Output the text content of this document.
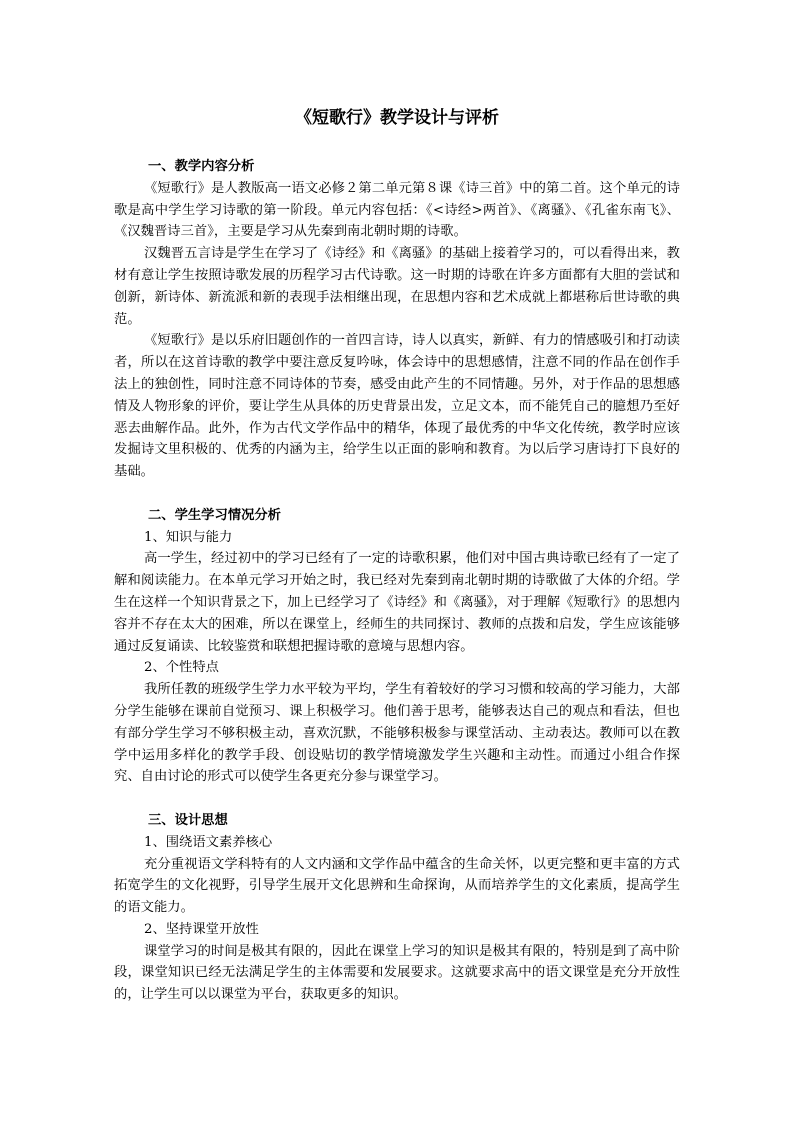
《短歌行》教学设计与评析
一、教学内容分析

《短歌行》是人教版高一语文必修２第二单元第８课《诗三首》中的第二首。这个单元的诗歌是高中学生学习诗歌的第一阶段。单元内容包括：《<诗经>两首》、《离骚》、《孔雀东南飞》、《汉魏晋诗三首》，主要是学习从先秦到南北朝时期的诗歌。

汉魏晋五言诗是学生在学习了《诗经》和《离骚》的基础上接着学习的，可以看得出来，教材有意让学生按照诗歌发展的历程学习古代诗歌。这一时期的诗歌在许多方面都有大胆的尝试和创新，新诗体、新流派和新的表现手法相继出现，在思想内容和艺术成就上都堪称后世诗歌的典范。

《短歌行》是以乐府旧题创作的一首四言诗，诗人以真实，新鲜、有力的情感吸引和打动读者，所以在这首诗歌的教学中要注意反复吟咏，体会诗中的思想感情，注意不同的作品在创作手法上的独创性，同时注意不同诗体的节奏，感受由此产生的不同情趣。另外，对于作品的思想感情及人物形象的评价，要让学生从具体的历史背景出发，立足文本，而不能凭自己的臆想乃至好恶去曲解作品。此外，作为古代文学作品中的精华，体现了最优秀的中华文化传统，教学时应该发掘诗文里积极的、优秀的内涵为主，给学生以正面的影响和教育。为以后学习唐诗打下良好的基础。

二、学生学习情况分析
1、知识与能力

高一学生，经过初中的学习已经有了一定的诗歌积累，他们对中国古典诗歌已经有了一定了解和阅读能力。在本单元学习开始之时，我已经对先秦到南北朝时期的诗歌做了大体的介绍。学生在这样一个知识背景之下，加上已经学习了《诗经》和《离骚》，对于理解《短歌行》的思想内容并不存在太大的困难，所以在课堂上，经师生的共同探讨、教师的点拨和启发，学生应该能够通过反复诵读、比较鉴赏和联想把握诗歌的意境与思想内容。

2、个性特点

我所任教的班级学生学力水平较为平均，学生有着较好的学习习惯和较高的学习能力，大部分学生能够在课前自觉预习、课上积极学习。他们善于思考，能够表达自己的观点和看法，但也有部分学生学习不够积极主动，喜欢沉默，不能够积极参与课堂活动、主动表达。教师可以在教学中运用多样化的教学手段、创设贴切的教学情境激发学生兴趣和主动性。而通过小组合作探究、自由讨论的形式可以使学生各更充分参与课堂学习。

三、设计思想
1、围绕语文素养核心

充分重视语文学科特有的人文内涵和文学作品中蕴含的生命关怀，以更完整和更丰富的方式拓宽学生的文化视野，引导学生展开文化思辨和生命探询，从而培养学生的文化素质，提高学生的语文能力。

2、坚持课堂开放性

课堂学习的时间是极其有限的，因此在课堂上学习的知识是极其有限的，特别是到了高中阶段，课堂知识已经无法满足学生的主体需要和发展要求。这就要求高中的语文课堂是充分开放性的，让学生可以以课堂为平台，获取更多的知识。
